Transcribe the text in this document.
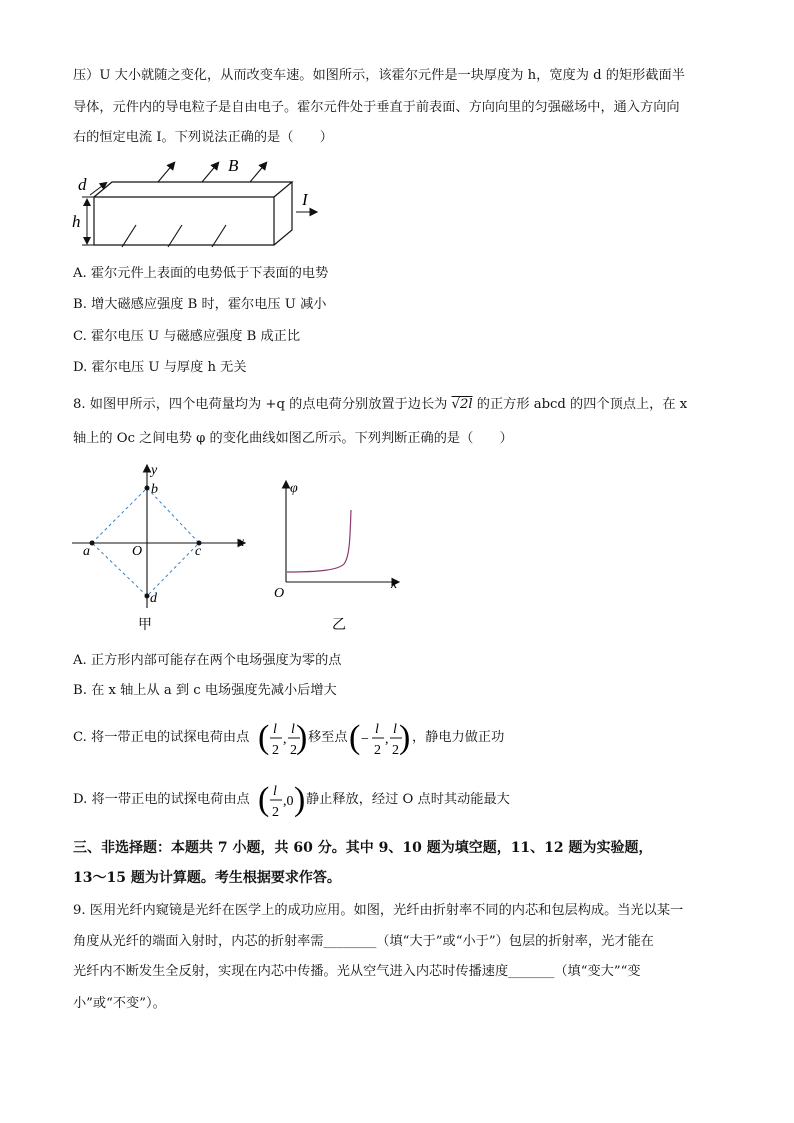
压）U 大小就随之变化，从而改变车速。如图所示，该霍尔元件是一块厚度为 h，宽度为 d 的矩形截面半
导体，元件内的导电粒子是自由电子。霍尔元件处于垂直于前表面、方向向里的匀强磁场中，通入方向向
右的恒定电流 I。下列说法正确的是（　　）
B
d
h
I
A. 霍尔元件上表面的电势低于下表面的电势
B. 增大磁感应强度 B 时，霍尔电压 U 减小
C. 霍尔电压 U 与磁感应强度 B 成正比
D. 霍尔电压 U 与厚度 h 无关
8. 如图甲所示，四个电荷量均为 +q 的点电荷分别放置于边长为 √2l 的正方形 abcd 的四个顶点上，在 x
轴上的 Oc 之间电势 φ 的变化曲线如图乙所示。下列判断正确的是（　　）
y
x
a
b
c
d
O
甲
φ
x
O
乙
A. 正方形内部可能存在两个电场强度为零的点
B. 在 x 轴上从 a 到 c 电场强度先减小后增大
C. 将一带正电的试探电荷由点 ( l
2
,
l
2 ) 移至点 ( −
l
2
,
l
2 ) ，静电力做正功
D. 将一带正电的试探电荷由点 ( l
2
,0 ) 静止释放，经过 O 点时其动能最大
三、非选择题：本题共 7 小题，共 60 分。其中 9、10 题为填空题，11、12 题为实验题，
13～15 题为计算题。考生根据要求作答。
9. 医用光纤内窥镜是光纤在医学上的成功应用。如图，光纤由折射率不同的内芯和包层构成。当光以某一
角度从光纤的端面入射时，内芯的折射率需________（填“大于”或“小于”）包层的折射率，光才能在
光纤内不断发生全反射，实现在内芯中传播。光从空气进入内芯时传播速度_______（填“变大”“变
小”或“不变”）。
